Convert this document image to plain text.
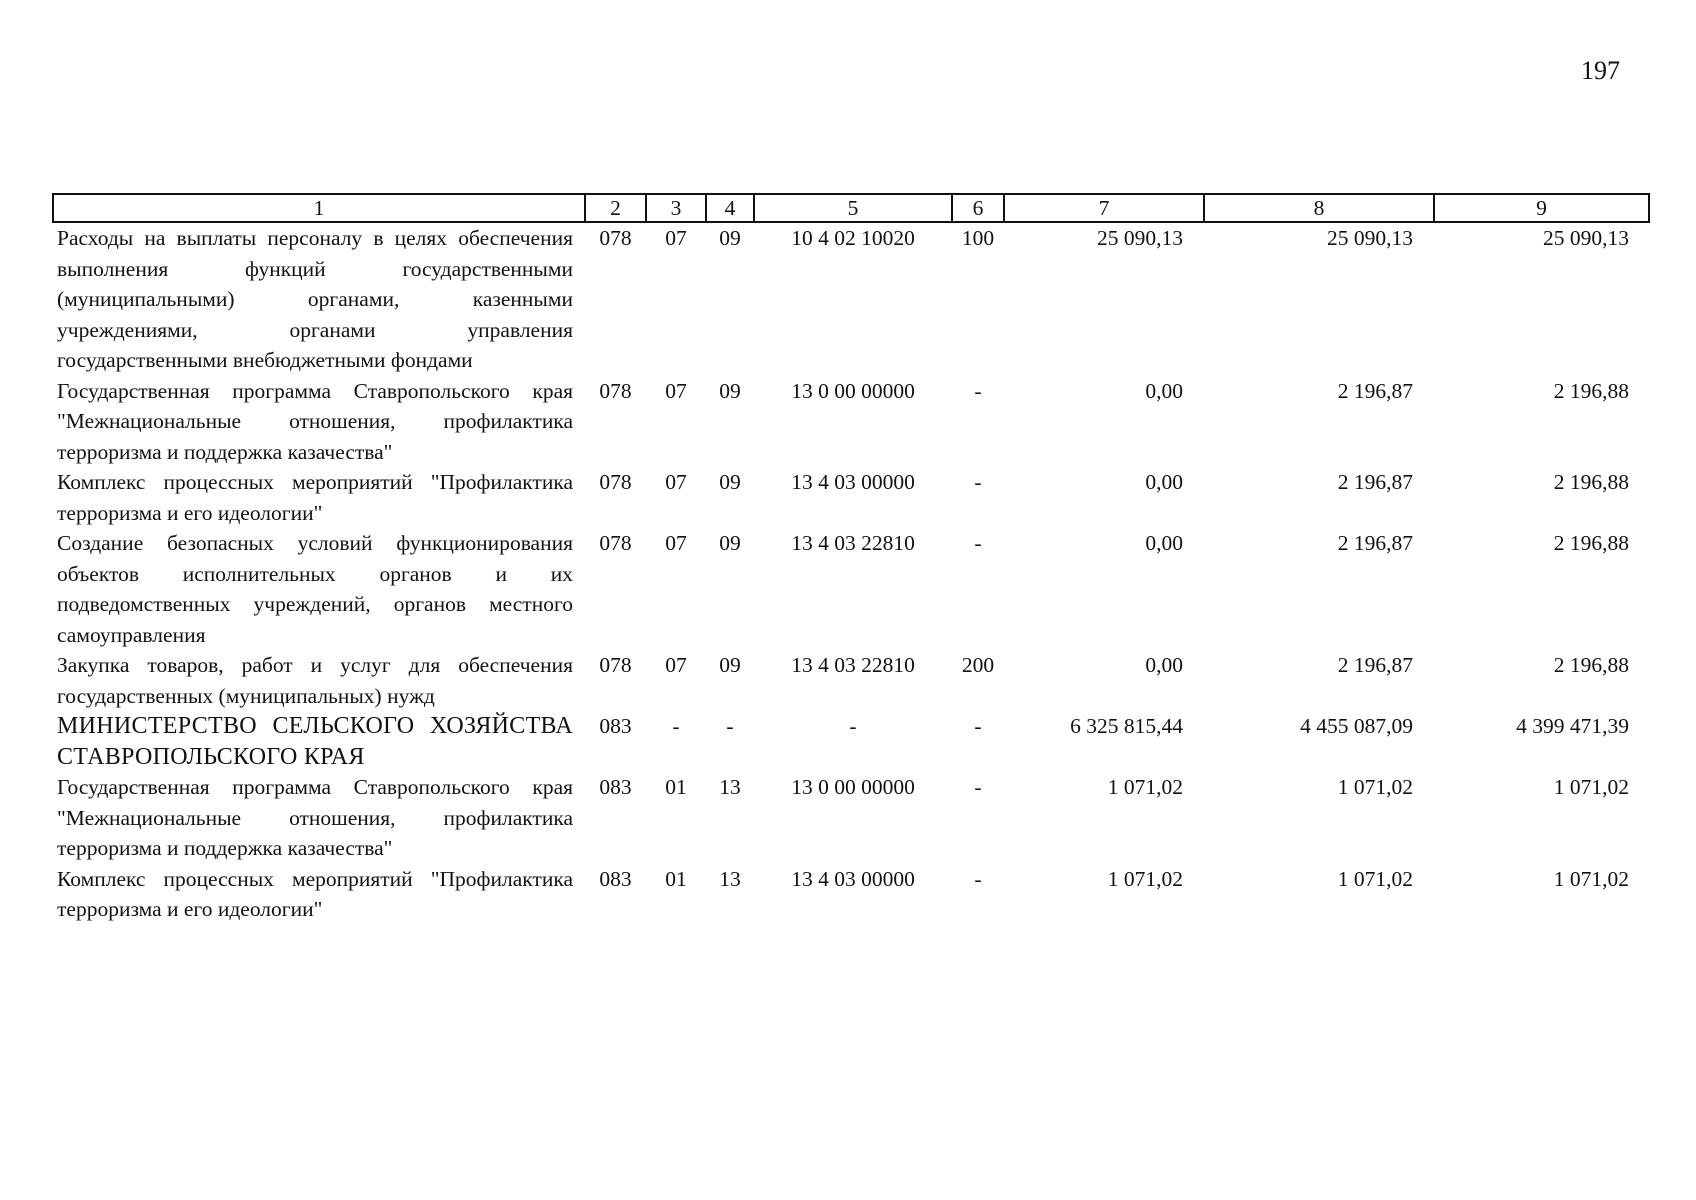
197
1	2	3	4	5	6	7	8	9
Расходы на выплаты персоналу в целях обеспечения выполнения функций государственными (муниципальными) органами, казенными учреждениями, органами управления государственными внебюджетными фондами	078	07	09	10 4 02 10020	100	25 090,13	25 090,13	25 090,13
Государственная программа Ставропольского края "Межнациональные отношения, профилактика терроризма и поддержка казачества"	078	07	09	13 0 00 00000	-	0,00	2 196,87	2 196,88
Комплекс процессных мероприятий "Профилактика терроризма и его идеологии"	078	07	09	13 4 03 00000	-	0,00	2 196,87	2 196,88
Создание безопасных условий функционирования объектов исполнительных органов и их подведомственных учреждений, органов местного самоуправления	078	07	09	13 4 03 22810	-	0,00	2 196,87	2 196,88
Закупка товаров, работ и услуг для обеспечения государственных (муниципальных) нужд	078	07	09	13 4 03 22810	200	0,00	2 196,87	2 196,88
МИНИСТЕРСТВО СЕЛЬСКОГО ХОЗЯЙСТВА СТАВРОПОЛЬСКОГО КРАЯ	083	-	-	-	-	6 325 815,44	4 455 087,09	4 399 471,39
Государственная программа Ставропольского края "Межнациональные отношения, профилактика терроризма и поддержка казачества"	083	01	13	13 0 00 00000	-	1 071,02	1 071,02	1 071,02
Комплекс процессных мероприятий "Профилактика терроризма и его идеологии"	083	01	13	13 4 03 00000	-	1 071,02	1 071,02	1 071,02
